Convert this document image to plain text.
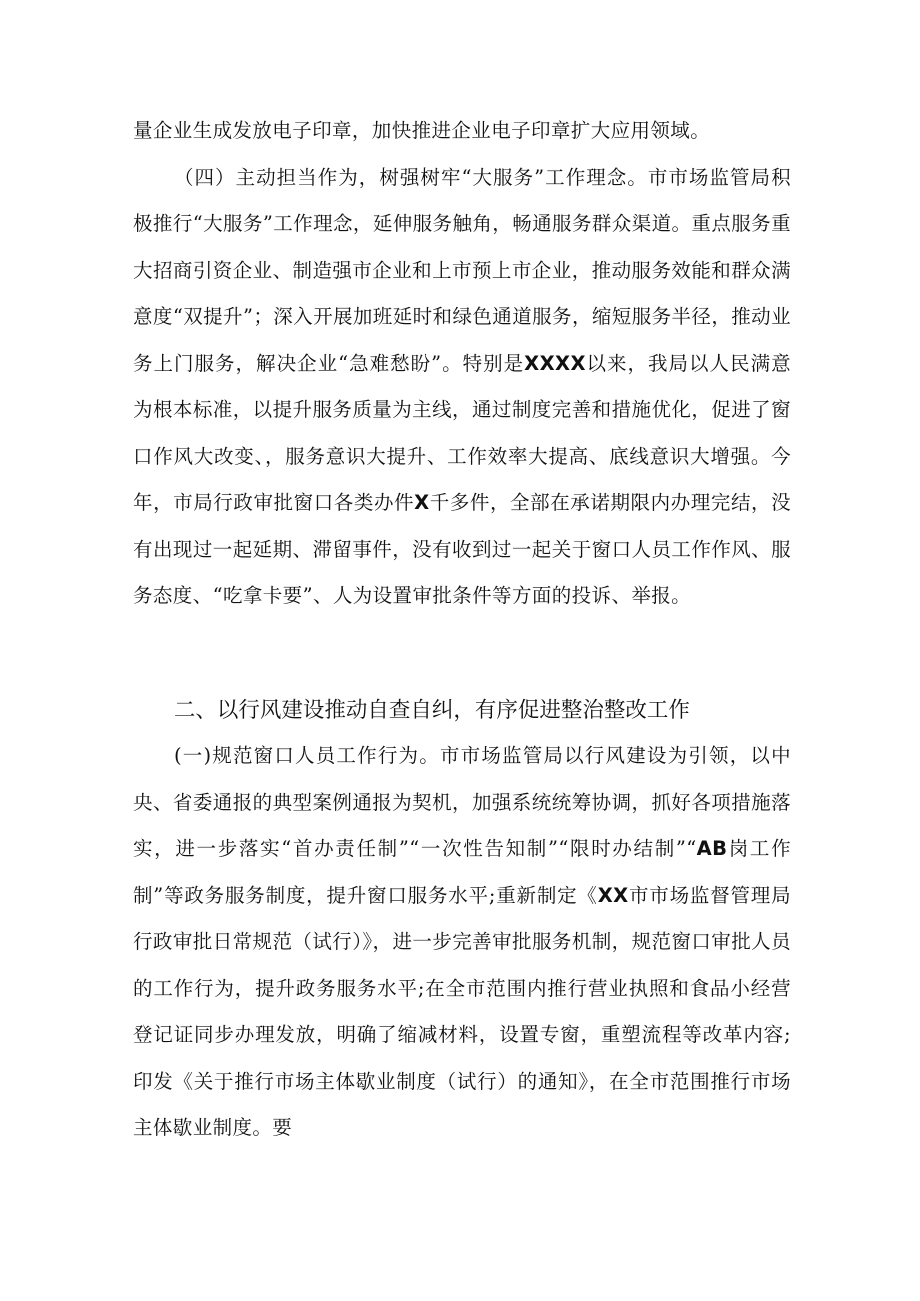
量企业生成发放电子印章，加快推进企业电子印章扩大应用领域。

（四）主动担当作为，树强树牢“大服务”工作理念。市市场监管局积极推行“大服务”工作理念，延伸服务触角，畅通服务群众渠道。重点服务重大招商引资企业、制造强市企业和上市预上市企业，推动服务效能和群众满意度“双提升”；深入开展加班延时和绿色通道服务，缩短服务半径，推动业务上门服务，解决企业“急难愁盼”。特别是XXXX以来，我局以人民满意为根本标准，以提升服务质量为主线，通过制度完善和措施优化，促进了窗口作风大改变、，服务意识大提升、工作效率大提高、底线意识大增强。今年，市局行政审批窗口各类办件X千多件，全部在承诺期限内办理完结，没有出现过一起延期、滞留事件，没有收到过一起关于窗口人员工作作风、服务态度、“吃拿卡要”、人为设置审批条件等方面的投诉、举报。

二、以行风建设推动自查自纠，有序促进整治整改工作

(一)规范窗口人员工作行为。市市场监管局以行风建设为引领，以中央、省委通报的典型案例通报为契机，加强系统统筹协调，抓好各项措施落实，进一步落实“首办责任制”“一次性告知制”“限时办结制”“AB岗工作制”等政务服务制度，提升窗口服务水平;重新制定《XX市市场监督管理局行政审批日常规范（试行）》，进一步完善审批服务机制，规范窗口审批人员的工作行为，提升政务服务水平;在全市范围内推行营业执照和食品小经营登记证同步办理发放，明确了缩减材料，设置专窗，重塑流程等改革内容;印发《关于推行市场主体歇业制度（试行）的通知》，在全市范围推行市场主体歇业制度。要
